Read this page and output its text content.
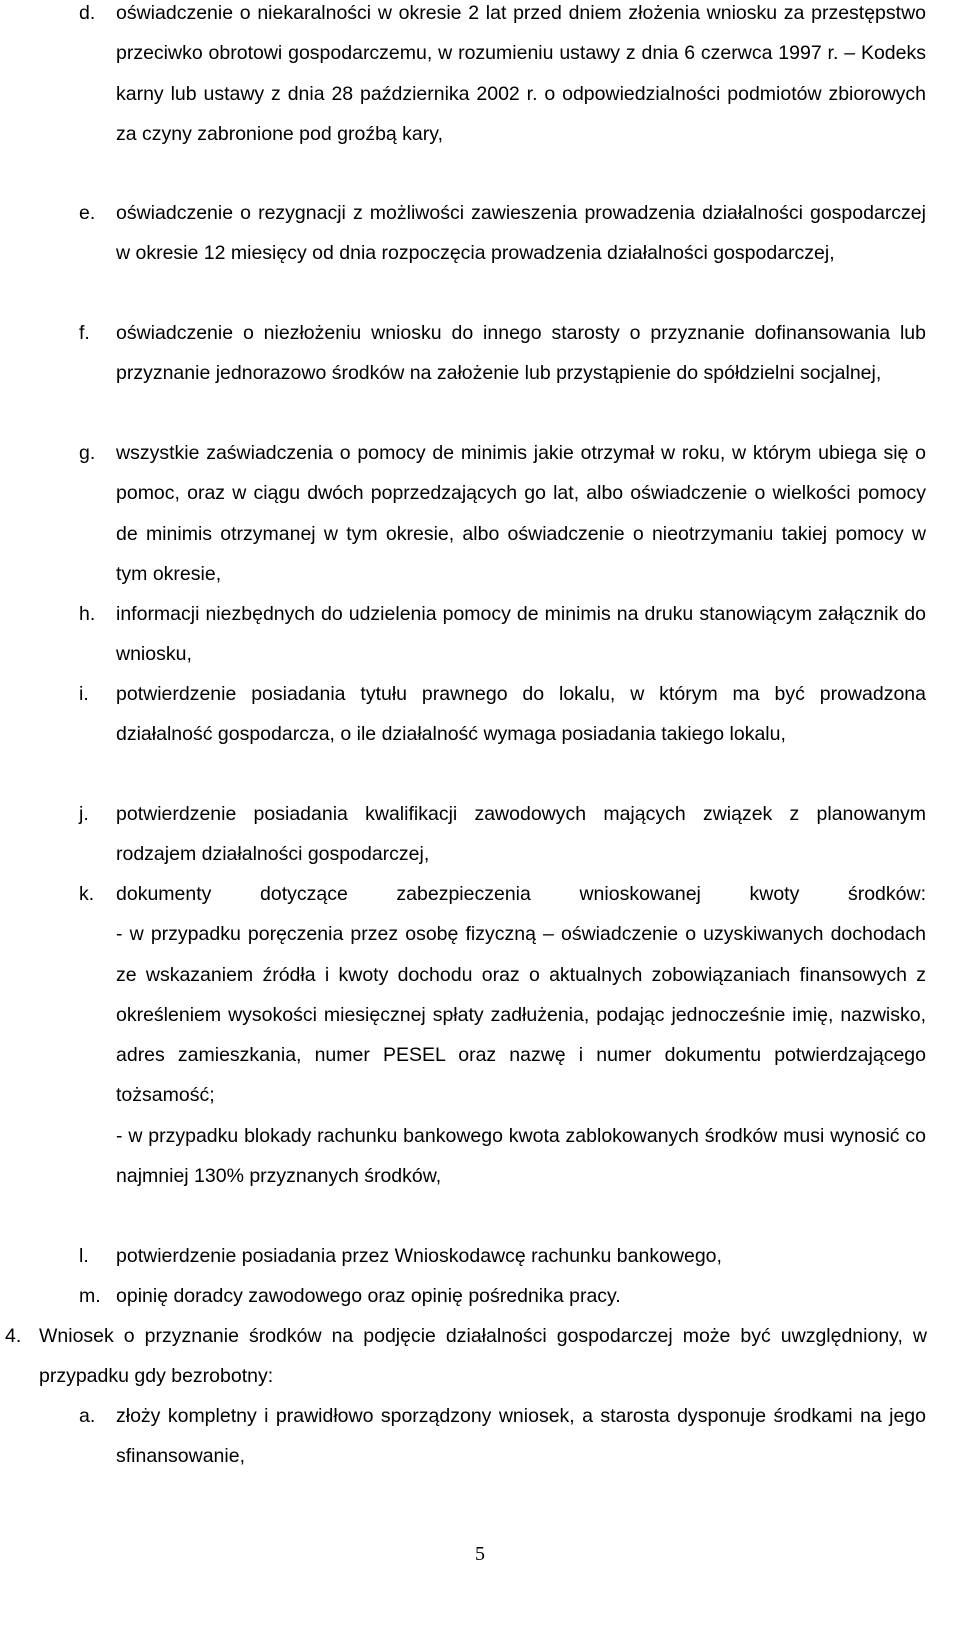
d. oświadczenie o niekaralności w okresie 2 lat przed dniem złożenia wniosku za przestępstwo przeciwko obrotowi gospodarczemu, w rozumieniu ustawy z dnia 6 czerwca 1997 r. – Kodeks karny lub ustawy z dnia 28 października 2002 r. o odpowiedzialności podmiotów zbiorowych za czyny zabronione pod groźbą kary,

e. oświadczenie o rezygnacji z możliwości zawieszenia prowadzenia działalności gospodarczej w okresie 12 miesięcy od dnia rozpoczęcia prowadzenia działalności gospodarczej,

f. oświadczenie o niezłożeniu wniosku do innego starosty o przyznanie dofinansowania lub przyznanie jednorazowo środków na założenie lub przystąpienie do spółdzielni socjalnej,

g. wszystkie zaświadczenia o pomocy de minimis jakie otrzymał w roku, w którym ubiega się o pomoc, oraz w ciągu dwóch poprzedzających go lat, albo oświadczenie o wielkości pomocy de minimis otrzymanej w tym okresie, albo oświadczenie o nieotrzymaniu takiej pomocy w tym okresie,

h. informacji niezbędnych do udzielenia pomocy de minimis na druku stanowiącym załącznik do wniosku,

i. potwierdzenie posiadania tytułu prawnego do lokalu, w którym ma być prowadzona działalność gospodarcza, o ile działalność wymaga posiadania takiego lokalu,

j. potwierdzenie posiadania kwalifikacji zawodowych mających związek z planowanym rodzajem działalności gospodarczej,

k. dokumenty dotyczące zabezpieczenia wnioskowanej kwoty środków:
- w przypadku poręczenia przez osobę fizyczną – oświadczenie o uzyskiwanych dochodach ze wskazaniem źródła i kwoty dochodu oraz o aktualnych zobowiązaniach finansowych z określeniem wysokości miesięcznej spłaty zadłużenia, podając jednocześnie imię, nazwisko, adres zamieszkania, numer PESEL oraz nazwę i numer dokumentu potwierdzającego tożsamość;
- w przypadku blokady rachunku bankowego kwota zablokowanych środków musi wynosić co najmniej 130% przyznanych środków,
l. potwierdzenie posiadania przez Wnioskodawcę rachunku bankowego,

m. opinię doradcy zawodowego oraz opinię pośrednika pracy.

4. Wniosek o przyznanie środków na podjęcie działalności gospodarczej może być uwzględniony, w przypadku gdy bezrobotny:

a. złoży kompletny i prawidłowo sporządzony wniosek, a starosta dysponuje środkami na jego sfinansowanie,

5
